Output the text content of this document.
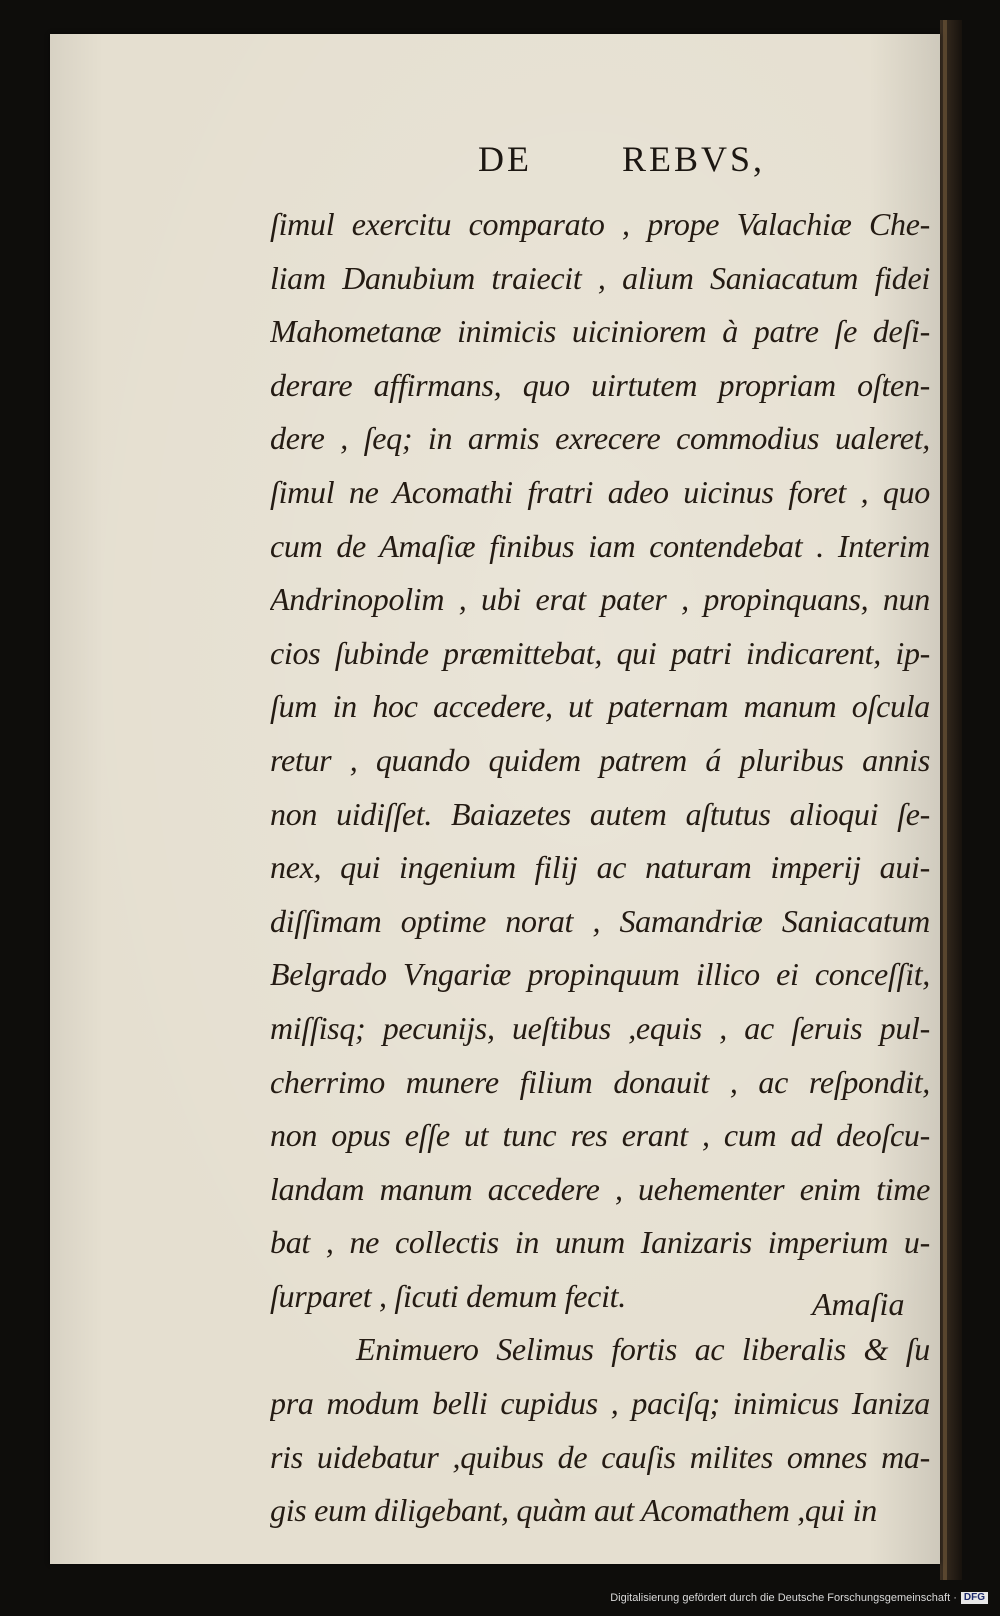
DE	REBVS,
ſimul exercitu comparato , prope Valachiæ Che-
liam Danubium traiecit , alium Saniacatum fidei
Mahometanæ inimicis uiciniorem à patre ſe deſi-
derare affirmans, quo uirtutem propriam oſten-
dere , ſeq; in armis exrecere commodius ualeret,
ſimul ne Acomathi fratri adeo uicinus foret , quo
cum de Amaſiæ finibus iam contendebat . Interim
Andrinopolim , ubi erat pater , propinquans, nun
cios ſubinde præmittebat, qui patri indicarent, ip-
ſum in hoc accedere, ut paternam manum oſcula
retur , quando quidem patrem á pluribus annis
non uidiſſet. Baiazetes autem aſtutus alioqui ſe-
nex, qui ingenium filij ac naturam imperij aui-
diſſimam optime norat , Samandriæ Saniacatum
Belgrado Vngariæ propinquum illico ei conceſſit,
miſſisq; pecunijs, ueſtibus ,equis , ac ſeruis pul-
cherrimo munere filium donauit , ac reſpondit,
non opus eſſe ut tunc res erant , cum ad deoſcu-
landam manum accedere , uehementer enim time
bat , ne collectis in unum Ianizaris imperium u-
ſurparet , ſicuti demum fecit.
Enimuero Selimus fortis ac liberalis & ſu
pra modum belli cupidus , paciſq; inimicus Ianiza
ris uidebatur ,quibus de cauſis milites omnes ma-
gis eum diligebant, quàm aut Acomathem ,qui in
Amaſia
Digitalisierung gefördert durch die Deutsche Forschungsgemeinschaft · DFG
